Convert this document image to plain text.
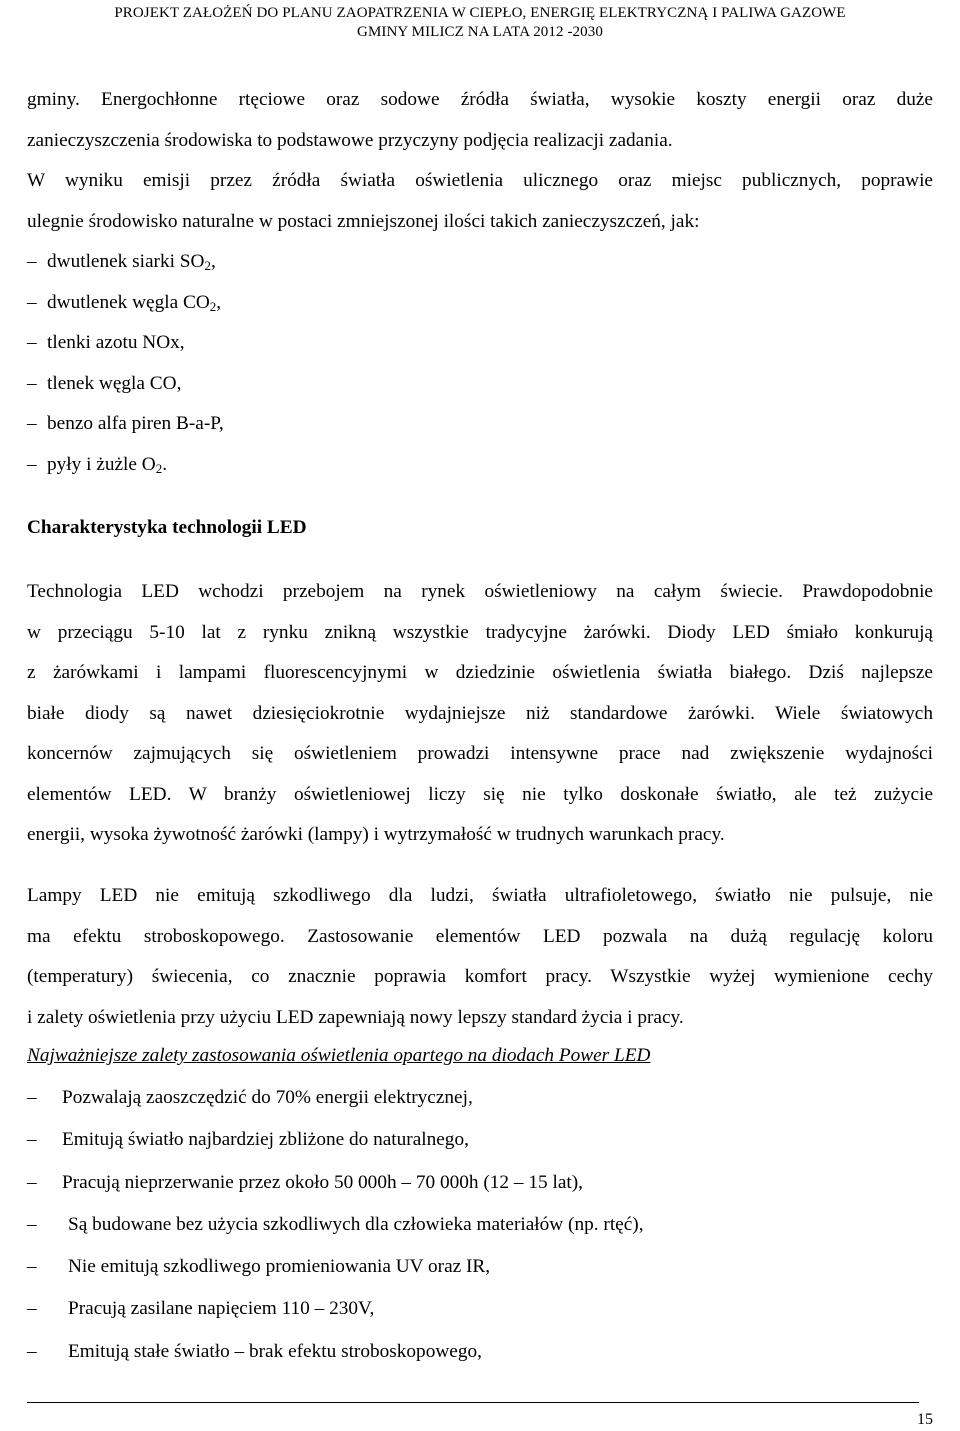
PROJEKT ZAŁOŻEŃ DO PLANU ZAOPATRZENIA W CIEPŁO, ENERGIĘ ELEKTRYCZNĄ I PALIWA GAZOWE
GMINY MILICZ NA LATA 2012 -2030
gminy. Energochłonne rtęciowe oraz sodowe źródła światła, wysokie koszty energii oraz duże
zanieczyszczenia środowiska to podstawowe przyczyny podjęcia realizacji zadania.
W wyniku emisji przez źródła światła oświetlenia ulicznego oraz miejsc publicznych, poprawie
ulegnie środowisko naturalne w postaci zmniejszonej ilości takich zanieczyszczeń, jak:
– dwutlenek siarki $SO_2$,
– dwutlenek węgla $CO_2$,
– tlenki azotu NOx,
– tlenek węgla CO,
– benzo alfa piren B-a-P,
– pyły i żużle $O_2$.
Charakterystyka technologii LED
Technologia LED wchodzi przebojem na rynek oświetleniowy na całym świecie. Prawdopodobnie
w przeciągu 5-10 lat z rynku znikną wszystkie tradycyjne żarówki. Diody LED śmiało konkurują
z żarówkami i lampami fluorescencyjnymi w dziedzinie oświetlenia światła białego. Dziś najlepsze
białe diody są nawet dziesięciokrotnie wydajniejsze niż standardowe żarówki. Wiele światowych
koncernów zajmujących się oświetleniem prowadzi intensywne prace nad zwiększenie wydajności
elementów LED. W branży oświetleniowej liczy się nie tylko doskonałe światło, ale też zużycie
energii, wysoka żywotność żarówki (lampy) i wytrzymałość w trudnych warunkach pracy.
Lampy LED nie emitują szkodliwego dla ludzi, światła ultrafioletowego, światło nie pulsuje, nie
ma efektu stroboskopowego. Zastosowanie elementów LED pozwala na dużą regulację koloru
(temperatury) świecenia, co znacznie poprawia komfort pracy. Wszystkie wyżej wymienione cechy
i zalety oświetlenia przy użyciu LED zapewniają nowy lepszy standard życia i pracy.
Najważniejsze zalety zastosowania oświetlenia opartego na diodach Power LED
– Pozwalają zaoszczędzić do 70% energii elektrycznej,
– Emitują światło najbardziej zbliżone do naturalnego,
– Pracują nieprzerwanie przez około 50 000h – 70 000h (12 – 15 lat),
– Są budowane bez użycia szkodliwych dla człowieka materiałów (np. rtęć),
– Nie emitują szkodliwego promieniowania UV oraz IR,
– Pracują zasilane napięciem 110 – 230V,
– Emitują stałe światło – brak efektu stroboskopowego,
15
